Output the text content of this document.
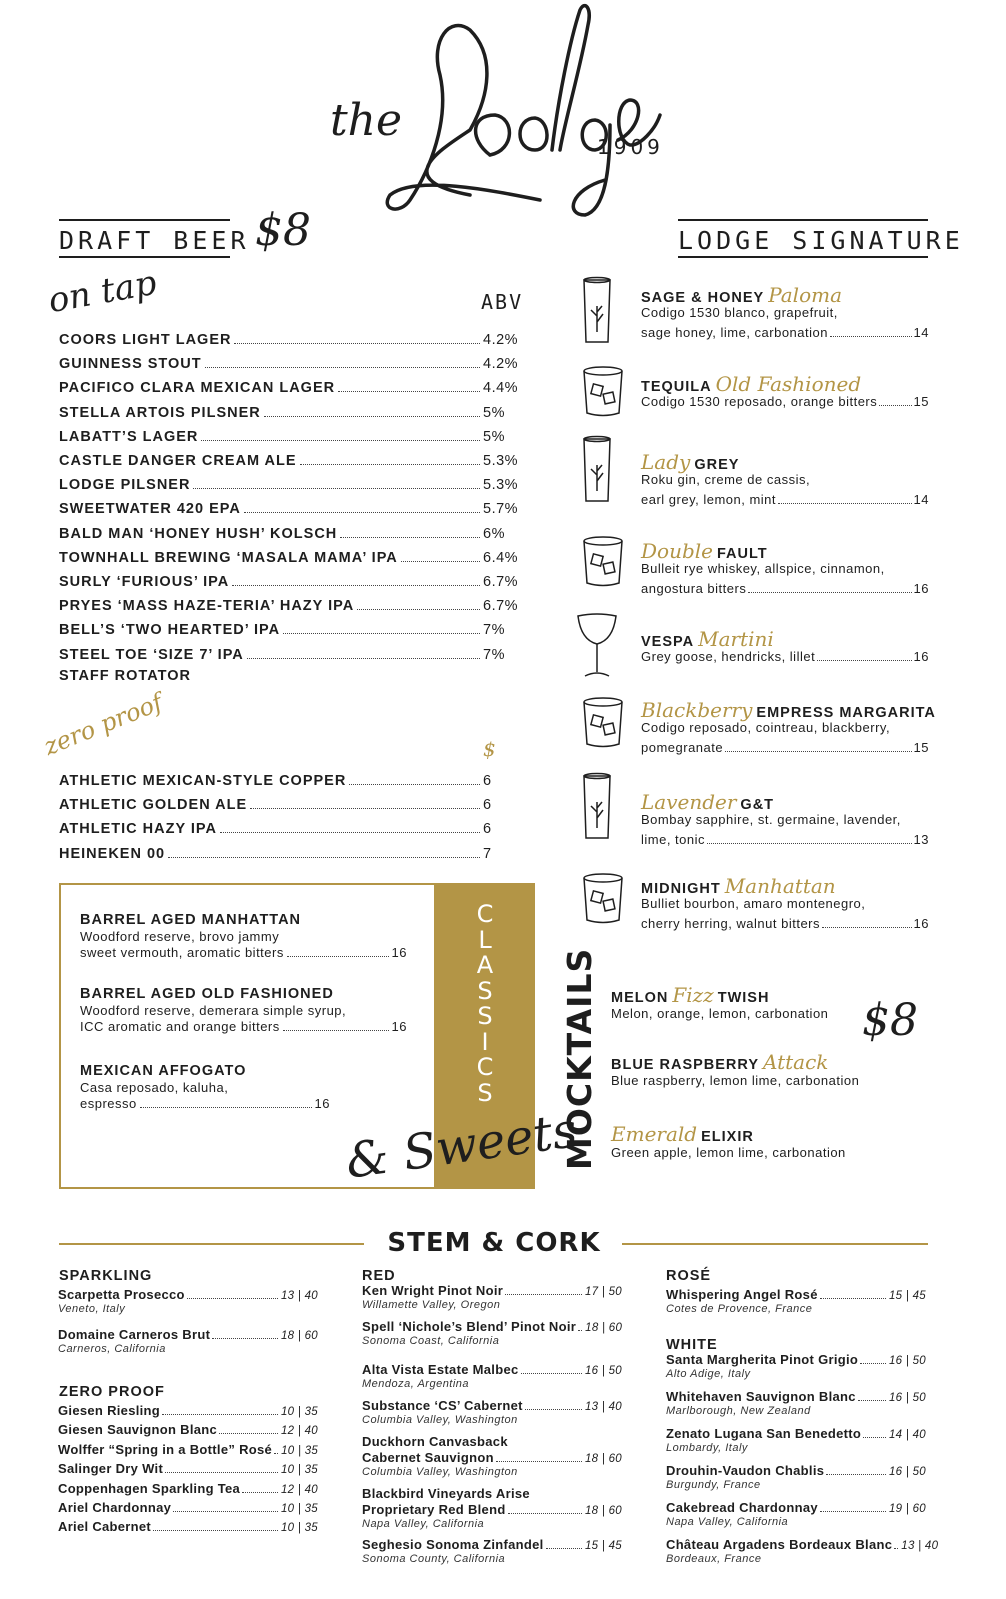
the
1909
DRAFT BEER $8
on tap	ABV
COORS LIGHT LAGER	4.2%
GUINNESS STOUT	4.2%
PACIFICO CLARA MEXICAN LAGER	4.4%
STELLA ARTOIS PILSNER	5%
LABATT’S LAGER	5%
CASTLE DANGER CREAM ALE	5.3%
LODGE PILSNER	5.3%
SWEETWATER 420 EPA	5.7%
BALD MAN ‘HONEY HUSH’ KOLSCH	6%
TOWNHALL BREWING ‘MASALA MAMA’ IPA	6.4%
SURLY ‘FURIOUS’ IPA	6.7%
PRYES ‘MASS HAZE-TERIA’ HAZY IPA	6.7%
BELL’S ‘TWO HEARTED’ IPA	7%
STEEL TOE ‘SIZE 7’ IPA	7%
STAFF ROTATOR
zero proof	$
ATHLETIC MEXICAN-STYLE COPPER	6
ATHLETIC GOLDEN ALE	6
ATHLETIC HAZY IPA	6
HEINEKEN 00	7
LODGE SIGNATURE
SAGE & HONEY Paloma
Codigo 1530 blanco, grapefruit,
sage honey, lime, carbonation	14
TEQUILA Old Fashioned
Codigo 1530 reposado, orange bitters	15
Lady GREY
Roku gin, creme de cassis,
earl grey, lemon, mint	14
Double FAULT
Bulleit rye whiskey, allspice, cinnamon,
angostura bitters	16
VESPA Martini
Grey goose, hendricks, lillet	16
Blackberry EMPRESS MARGARITA
Codigo reposado, cointreau, blackberry,
pomegranate	15
Lavender G&T
Bombay sapphire, st. germaine, lavender,
lime, tonic	13
MIDNIGHT Manhattan
Bulliet bourbon, amaro montenegro,
cherry herring, walnut bitters	16
C
L
A
S
S
I
C
S
& Sweets
BARREL AGED MANHATTAN
Woodford reserve, brovo jammy
sweet vermouth, aromatic bitters	16
BARREL AGED OLD FASHIONED
Woodford reserve, demerara simple syrup,
ICC aromatic and orange bitters	16
MEXICAN AFFOGATO
Casa reposado, kaluha,
espresso	16	MOCKTAILS	$8
MELON Fizz TWISH
Melon, orange, lemon, carbonation
BLUE RASPBERRY Attack
Blue raspberry, lemon lime, carbonation
Emerald ELIXIR
Green apple, lemon lime, carbonation
STEM & CORK
SPARKLING
ZERO PROOF
RED	ROSÉ
WHITE
Scarpetta Prosecco	13 | 40
Veneto, Italy
Domaine Carneros Brut	18 | 60
Carneros, California
Giesen Riesling	10 | 35
Giesen Sauvignon Blanc	12 | 40
Wolffer “Spring in a Bottle” Rosé 10 | 35
Salinger Dry Wit	10 | 35
Coppenhagen Sparkling Tea	12 | 40
Ariel Chardonnay	10 | 35
Ariel Cabernet	10 | 35
Ken Wright Pinot Noir	17 | 50
Willamette Valley, Oregon
Spell ‘Nichole’s Blend’ Pinot Noir 18 | 60
Sonoma Coast, California
Alta Vista Estate Malbec	16 | 50
Mendoza, Argentina
Substance ‘CS’ Cabernet	13 | 40
Columbia Valley, Washington
Duckhorn Canvasback
Cabernet Sauvignon	18 | 60
Columbia Valley, Washington
Blackbird Vineyards Arise
Proprietary Red Blend	18 | 60
Napa Valley, California
Seghesio Sonoma Zinfandel	15 | 45
Sonoma County, California
Whispering Angel Rosé	15 | 45
Cotes de Provence, France
Santa Margherita Pinot Grigio	16 | 50
Alto Adige, Italy
Whitehaven Sauvignon Blanc	16 | 50
Marlborough, New Zealand
Zenato Lugana San Benedetto 14 | 40
Lombardy, Italy
Drouhin-Vaudon Chablis	16 | 50
Burgundy, France
Cakebread Chardonnay	19 | 60
Napa Valley, California
Château Argadens Bordeaux Blanc 13 | 40
Bordeaux, France
